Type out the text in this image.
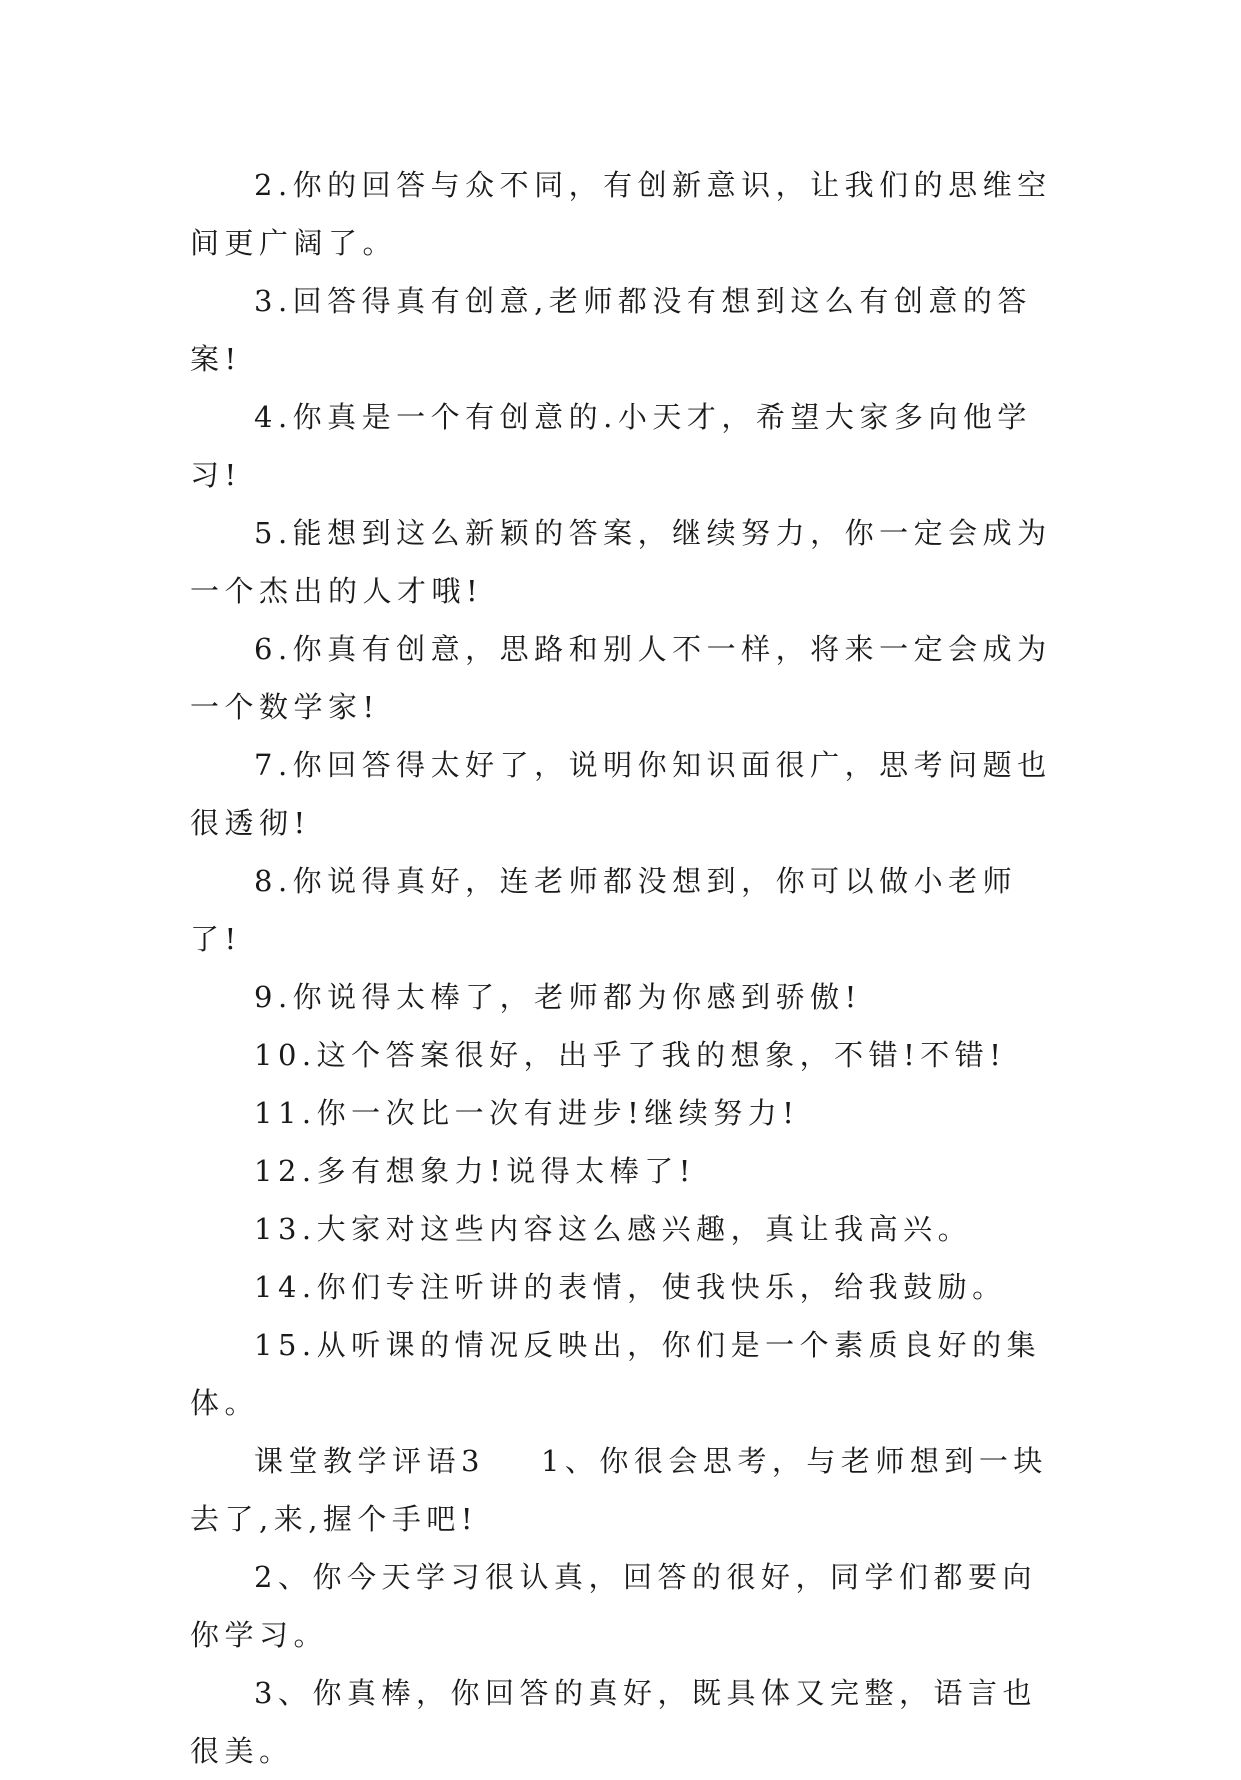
2.你的回答与众不同，有创新意识，让我们的思维空间更广阔了。

3.回答得真有创意,老师都没有想到这么有创意的答案!

4.你真是一个有创意的.小天才，希望大家多向他学习!

5.能想到这么新颖的答案，继续努力，你一定会成为一个杰出的人才哦!

6.你真有创意，思路和别人不一样，将来一定会成为一个数学家!

7.你回答得太好了，说明你知识面很广，思考问题也很透彻!

8.你说得真好，连老师都没想到，你可以做小老师了!

9.你说得太棒了，老师都为你感到骄傲!

10.这个答案很好，出乎了我的想象，不错!不错!

11.你一次比一次有进步!继续努力!

12.多有想象力!说得太棒了!

13.大家对这些内容这么感兴趣，真让我高兴。

14.你们专注听讲的表情，使我快乐，给我鼓励。

15.从听课的情况反映出，你们是一个素质良好的集体。

课堂教学评语3 1、你很会思考，与老师想到一块去了,来,握个手吧!

2、你今天学习很认真，回答的很好，同学们都要向你学习。

3、你真棒，你回答的真好，既具体又完整，语言也很美。
